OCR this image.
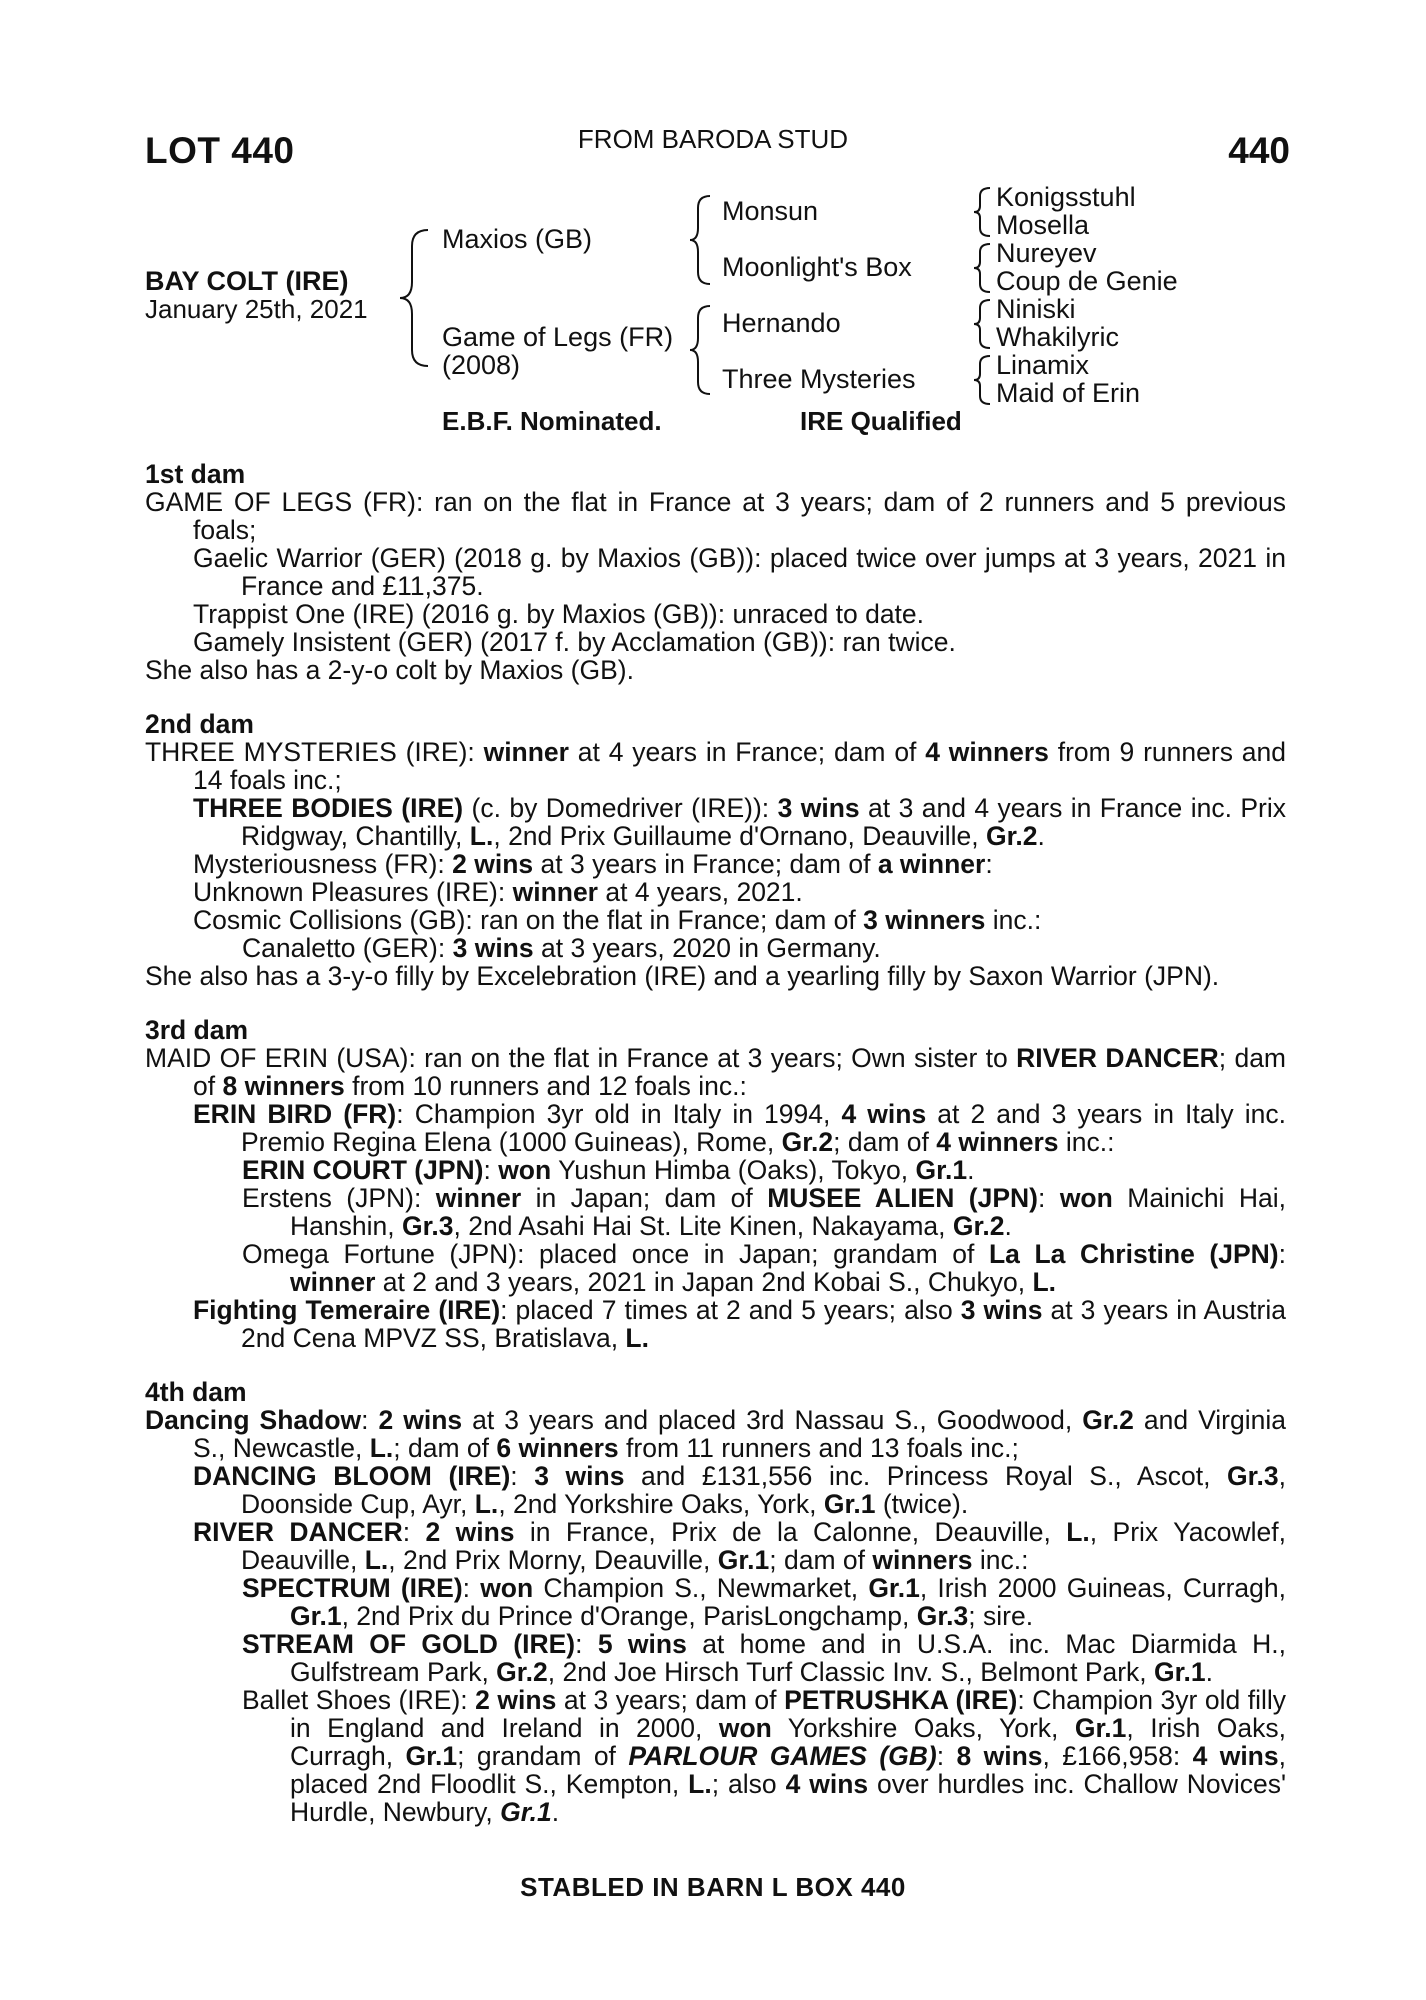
LOT 440	FROM BARODA STUD	440
BAY COLT (IRE)
January 25th, 2021
Maxios (GB)
Game of Legs (FR)
(2008)
Monsun
Moonlight's Box
Hernando
Three Mysteries
Konigsstuhl
Mosella
Nureyev
Coup de Genie
Niniski
Whakilyric
Linamix
Maid of Erin
E.B.F. Nominated.	IRE Qualified
1st dam
GAME OF LEGS (FR): ran on the flat in France at 3 years; dam of 2 runners and 5 previous foals;
Gaelic Warrior (GER) (2018 g. by Maxios (GB)): placed twice over jumps at 3 years, 2021 in France and £11,375.
Trappist One (IRE) (2016 g. by Maxios (GB)): unraced to date.
Gamely Insistent (GER) (2017 f. by Acclamation (GB)): ran twice.
She also has a 2-y-o colt by Maxios (GB).
2nd dam
THREE MYSTERIES (IRE): winner at 4 years in France; dam of 4 winners from 9 runners and 14 foals inc.;
THREE BODIES (IRE) (c. by Domedriver (IRE)): 3 wins at 3 and 4 years in France inc. Prix Ridgway, Chantilly, L., 2nd Prix Guillaume d'Ornano, Deauville, Gr.2.
Mysteriousness (FR): 2 wins at 3 years in France; dam of a winner:
Unknown Pleasures (IRE): winner at 4 years, 2021.
Cosmic Collisions (GB): ran on the flat in France; dam of 3 winners inc.:
Canaletto (GER): 3 wins at 3 years, 2020 in Germany.
She also has a 3-y-o filly by Excelebration (IRE) and a yearling filly by Saxon Warrior (JPN).
3rd dam
MAID OF ERIN (USA): ran on the flat in France at 3 years; Own sister to RIVER DANCER; dam of 8 winners from 10 runners and 12 foals inc.:
ERIN BIRD (FR): Champion 3yr old in Italy in 1994, 4 wins at 2 and 3 years in Italy inc. Premio Regina Elena (1000 Guineas), Rome, Gr.2; dam of 4 winners inc.:
ERIN COURT (JPN): won Yushun Himba (Oaks), Tokyo, Gr.1.
Erstens (JPN): winner in Japan; dam of MUSEE ALIEN (JPN): won Mainichi Hai, Hanshin, Gr.3, 2nd Asahi Hai St. Lite Kinen, Nakayama, Gr.2.
Omega Fortune (JPN): placed once in Japan; grandam of La La Christine (JPN): winner at 2 and 3 years, 2021 in Japan 2nd Kobai S., Chukyo, L.
Fighting Temeraire (IRE): placed 7 times at 2 and 5 years; also 3 wins at 3 years in Austria 2nd Cena MPVZ SS, Bratislava, L.
4th dam
Dancing Shadow: 2 wins at 3 years and placed 3rd Nassau S., Goodwood, Gr.2 and Virginia S., Newcastle, L.; dam of 6 winners from 11 runners and 13 foals inc.;
DANCING BLOOM (IRE): 3 wins and £131,556 inc. Princess Royal S., Ascot, Gr.3, Doonside Cup, Ayr, L., 2nd Yorkshire Oaks, York, Gr.1 (twice).
RIVER DANCER: 2 wins in France, Prix de la Calonne, Deauville, L., Prix Yacowlef, Deauville, L., 2nd Prix Morny, Deauville, Gr.1; dam of winners inc.:
SPECTRUM (IRE): won Champion S., Newmarket, Gr.1, Irish 2000 Guineas, Curragh, Gr.1, 2nd Prix du Prince d'Orange, ParisLongchamp, Gr.3; sire.
STREAM OF GOLD (IRE): 5 wins at home and in U.S.A. inc. Mac Diarmida H., Gulfstream Park, Gr.2, 2nd Joe Hirsch Turf Classic Inv. S., Belmont Park, Gr.1.
Ballet Shoes (IRE): 2 wins at 3 years; dam of PETRUSHKA (IRE): Champion 3yr old filly in England and Ireland in 2000, won Yorkshire Oaks, York, Gr.1, Irish Oaks, Curragh, Gr.1; grandam of PARLOUR GAMES (GB): 8 wins, £166,958: 4 wins, placed 2nd Floodlit S., Kempton, L.; also 4 wins over hurdles inc. Challow Novices' Hurdle, Newbury, Gr.1.
STABLED IN BARN L BOX 440
